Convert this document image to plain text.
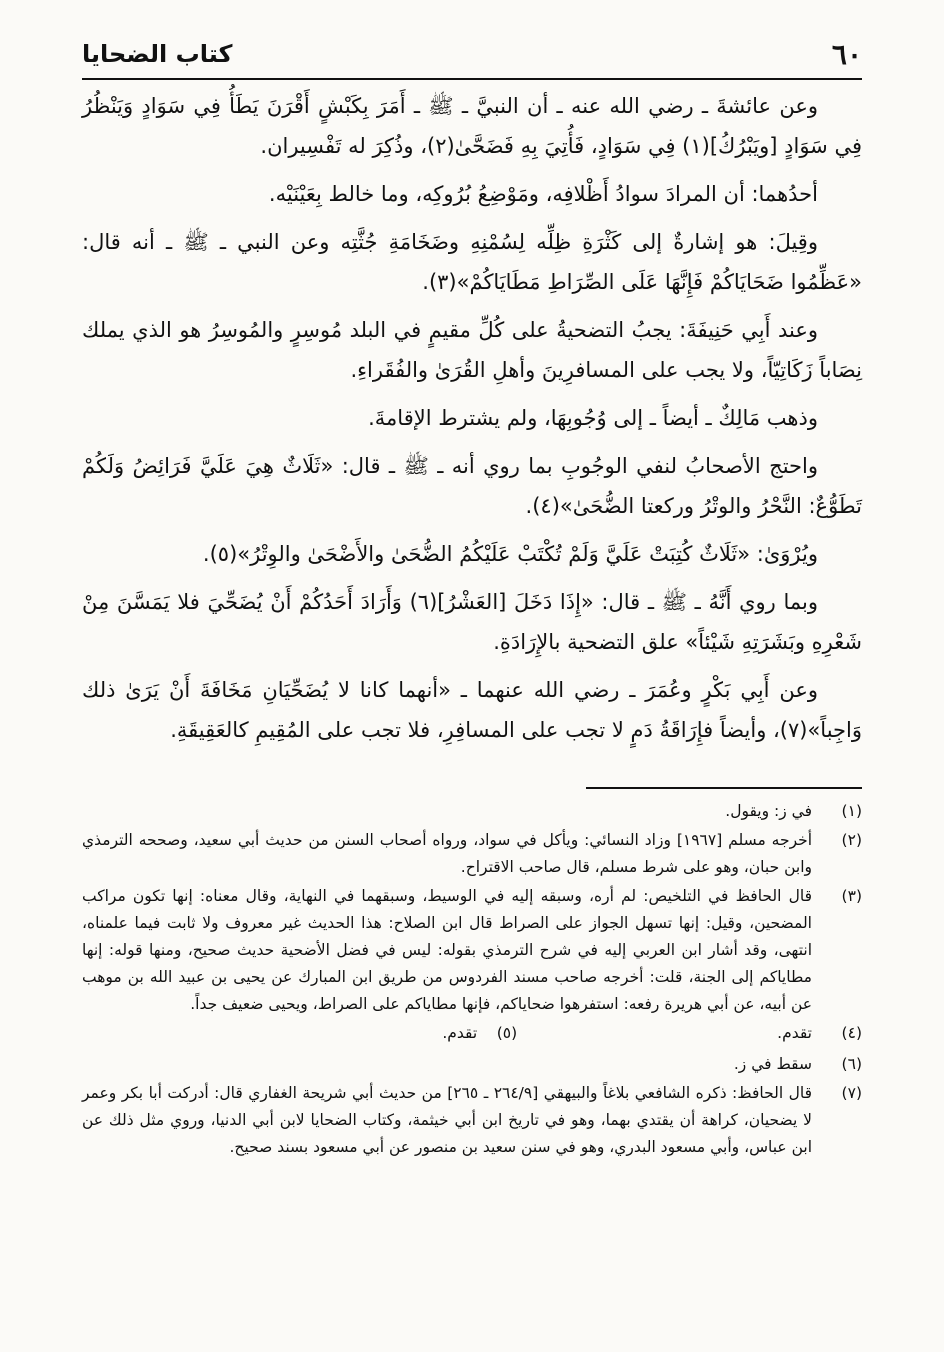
٦٠
كتاب الضحايا

وعن عائشةَ ـ رضي الله عنه ـ أن النبيَّ ـ ﷺ ـ أَمَرَ بِكَبْشٍ أَقْرَنَ يَطَأُ فِي سَوَادٍ وَيَنْظُرُ فِي سَوَادٍ [ويَبْرُكُ](١) فِي سَوَادٍ، فَأُتِيَ بِهِ فَضَحَّىٰ(٢)، وذُكِرَ له تَفْسِيران.

أحدُهما: أن المرادَ سوادُ أَظْلافِه، ومَوْضِعُ بُرُوكِه، وما خالط بِعَيْنَيْه.

وقِيلَ: هو إشارةٌ إلى كَثْرَةِ ظِلِّه لِسُمْنِهِ وضَخَامَةِ جُثَّتِه وعن النبي ـ ﷺ ـ أنه قال: «عَظِّمُوا ضَحَايَاكُمْ فَإِنَّهَا عَلَى الصِّرَاطِ مَطَايَاكُمْ»(٣).

وعند أَبِي حَنِيفَةَ: يجبُ التضحيةُ على كُلِّ مقيمٍ في البلد مُوسِرٍ والمُوسِرُ هو الذي يملك نِصَاباً زَكَاتِيّاً، ولا يجب على المسافرِينَ وأهلِ القُرَىٰ والفُقَراءِ.

وذهب مَالِكٌ ـ أيضاً ـ إلى وُجُوبِهَا، ولم يشترط الإقامةَ.

واحتج الأصحابُ لنفي الوجُوبِ بما روي أنه ـ ﷺ ـ قال: «ثَلَاثٌ هِيَ عَلَيَّ فَرَائِضُ وَلَكُمْ تَطَوُّعٌ: النَّحْرُ والوتْرُ وركعتا الضُّحَىٰ»(٤).

ويُرْوَىٰ: «ثَلَاثٌ كُتِبَتْ عَلَيَّ وَلَمْ تُكْتَبْ عَلَيْكُمُ الضُّحَىٰ والأَضْحَىٰ والوِتْرُ»(٥).

وبما روي أَنَّهُ ـ ﷺ ـ قال: «إِذَا دَخَلَ [العَشْرُ](٦) وَأَرَادَ أَحَدُكُمْ أَنْ يُضَحِّيَ فلا يَمَسَّنَ مِنْ شَعْرِهِ وبَشَرَتِهِ شَيْئاً» علق التضحية بالإِرَادَةِ.

وعن أَبِي بَكْرٍ وعُمَرَ ـ رضي الله عنهما ـ «أنهما كانا لا يُضَحِّيَانِ مَخَافَةَ أَنْ يَرَىٰ ذلك وَاجِباً»(٧)، وأيضاً فإِرَاقَةُ دَمٍ لا تجب على المسافِرِ، فلا تجب على المُقِيمِ كالعَقِيقَةِ.

(١)
في ز: ويقول.
(٢)
أخرجه مسلم [١٩٦٧] وزاد النسائي: ويأكل في سواد، ورواه أصحاب السنن من حديث أبي سعيد، وصححه الترمذي وابن حبان، وهو على شرط مسلم، قال صاحب الاقتراح.
(٣)
قال الحافظ في التلخيص: لم أره، وسبقه إليه في الوسيط، وسبقهما في النهاية، وقال معناه: إنها تكون مراكب المضحين، وقيل: إنها تسهل الجواز على الصراط قال ابن الصلاح: هذا الحديث غير معروف ولا ثابت فيما علمناه، انتهى، وقد أشار ابن العربي إليه في شرح الترمذي بقوله: ليس في فضل الأضحية حديث صحيح، ومنها قوله: إنها مطاياكم إلى الجنة، قلت: أخرجه صاحب مسند الفردوس من طريق ابن المبارك عن يحيى بن عبيد الله بن موهب عن أبيه، عن أبي هريرة رفعه: استفرهوا ضحاياكم، فإنها مطاياكم على الصراط، ويحيى ضعيف جداً.
(٤)
تقدم.
(٥)
تقدم.
(٦)
سقط في ز.
(٧)
قال الحافظ: ذكره الشافعي بلاغاً والبيهقي [٢٦٤/٩ ـ ٢٦٥] من حديث أبي شريحة الغفاري قال: أدركت أبا بكر وعمر لا يضحيان، كراهة أن يقتدي بهما، وهو في تاريخ ابن أبي خيثمة، وكتاب الضحايا لابن أبي الدنيا، وروي مثل ذلك عن ابن عباس، وأبي مسعود البدري، وهو في سنن سعيد بن منصور عن أبي مسعود بسند صحيح.
